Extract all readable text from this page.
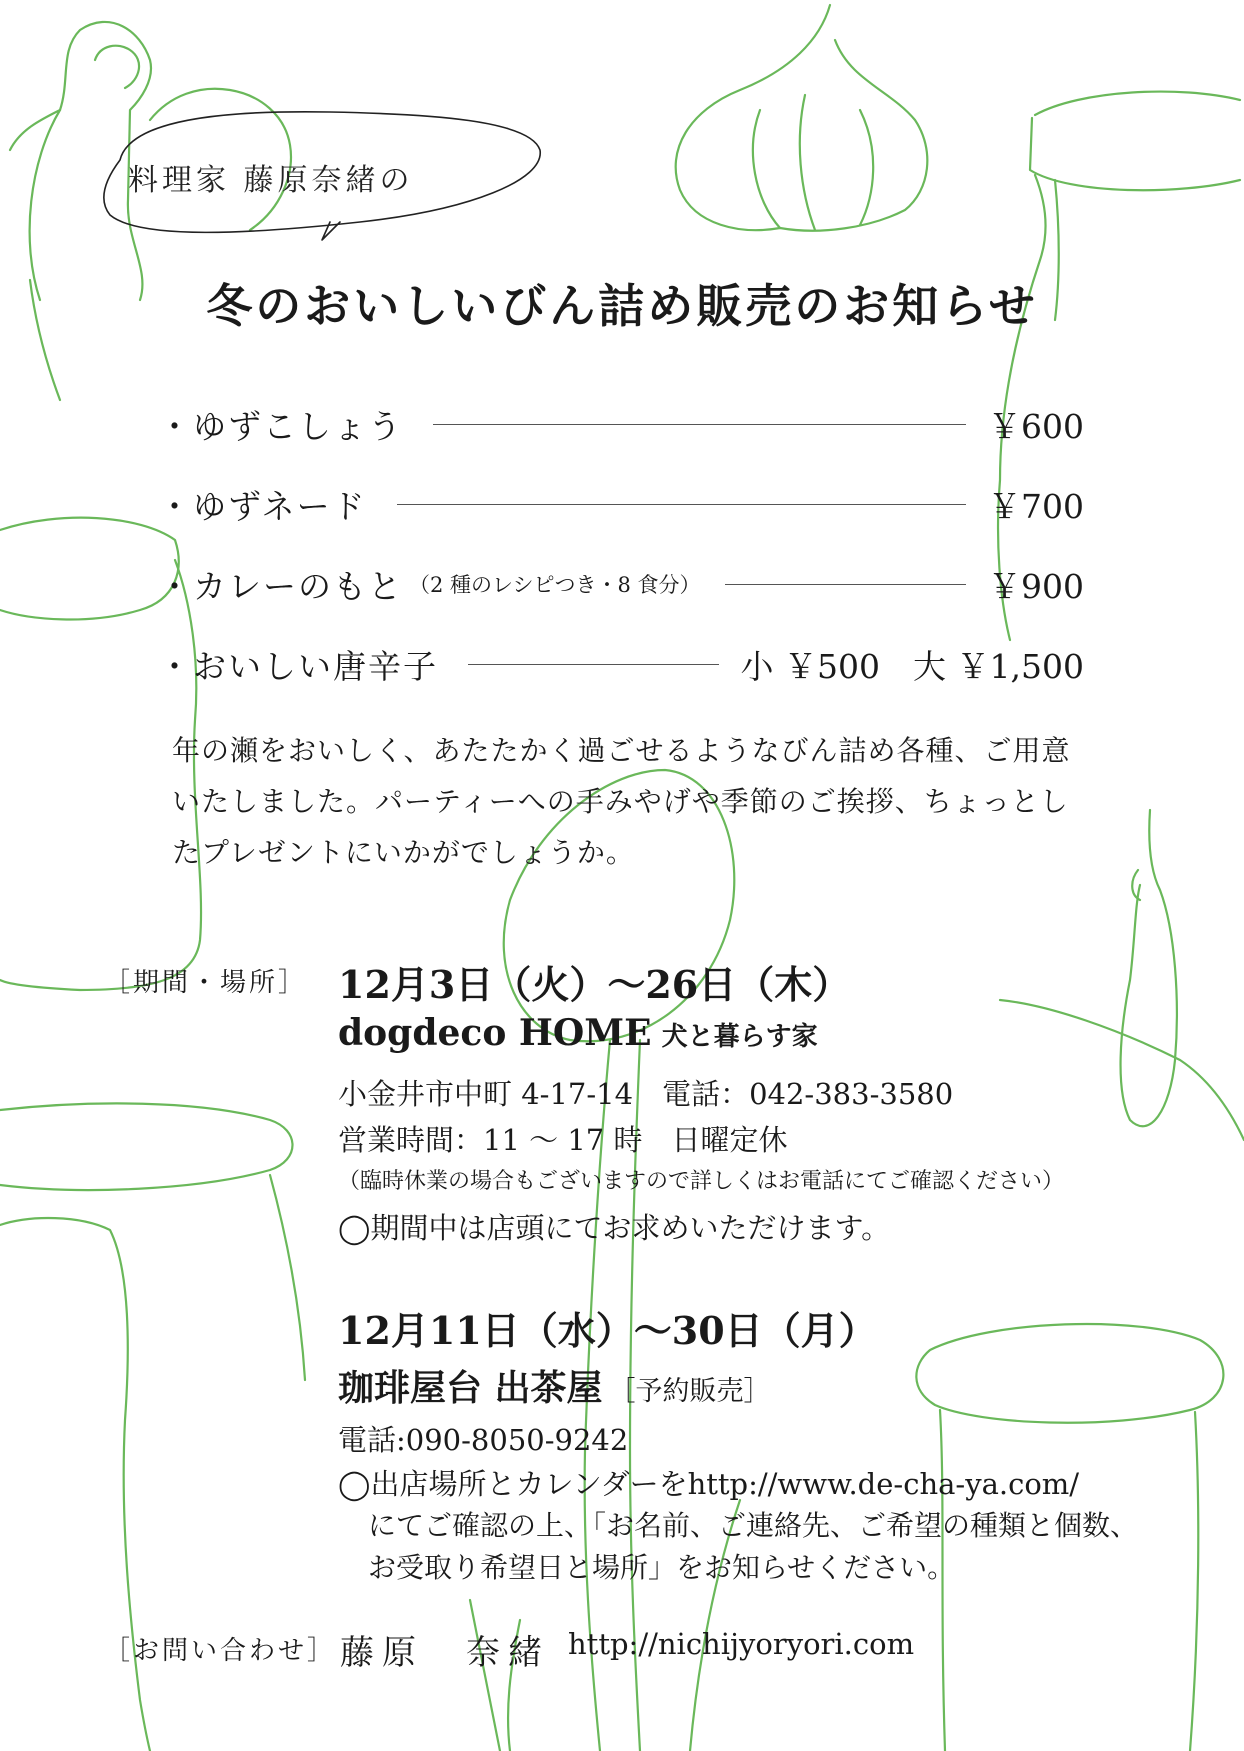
料理家 藤原奈緒の
冬のおいしいびん詰め販売のお知らせ
・ゆずこしょう	￥600
・ゆずネード	￥700
・カレーのもと （2 種のレシピつき・8 食分）	￥900
・おいしい唐辛子	小 ￥500　大 ￥1,500
年の瀬をおいしく、あたたかく過ごせるようなびん詰め各種、ご用意いたしました。パーティーへの手みやげや季節のご挨拶、ちょっとしたプレゼントにいかがでしょうか。
［期間・場所］ 12月3日（火）〜26日（木）
dogdeco HOME 犬と暮らす家
小金井市中町 4-17-14　電話：042-383-3580
営業時間：11 〜 17 時　日曜定休
（臨時休業の場合もございますので詳しくはお電話にてご確認ください）
◯期間中は店頭にてお求めいただけます。
12月11日（水）〜30日（月）
珈琲屋台 出茶屋 ［予約販売］
電話:090-8050-9242
◯出店場所とカレンダーをhttp://www.de-cha-ya.com/
にてご確認の上、「お名前、ご連絡先、ご希望の種類と個数、
お受取り希望日と場所」をお知らせください。
［お問い合わせ］ 藤原　奈緒 http://nichijyoryori.com
